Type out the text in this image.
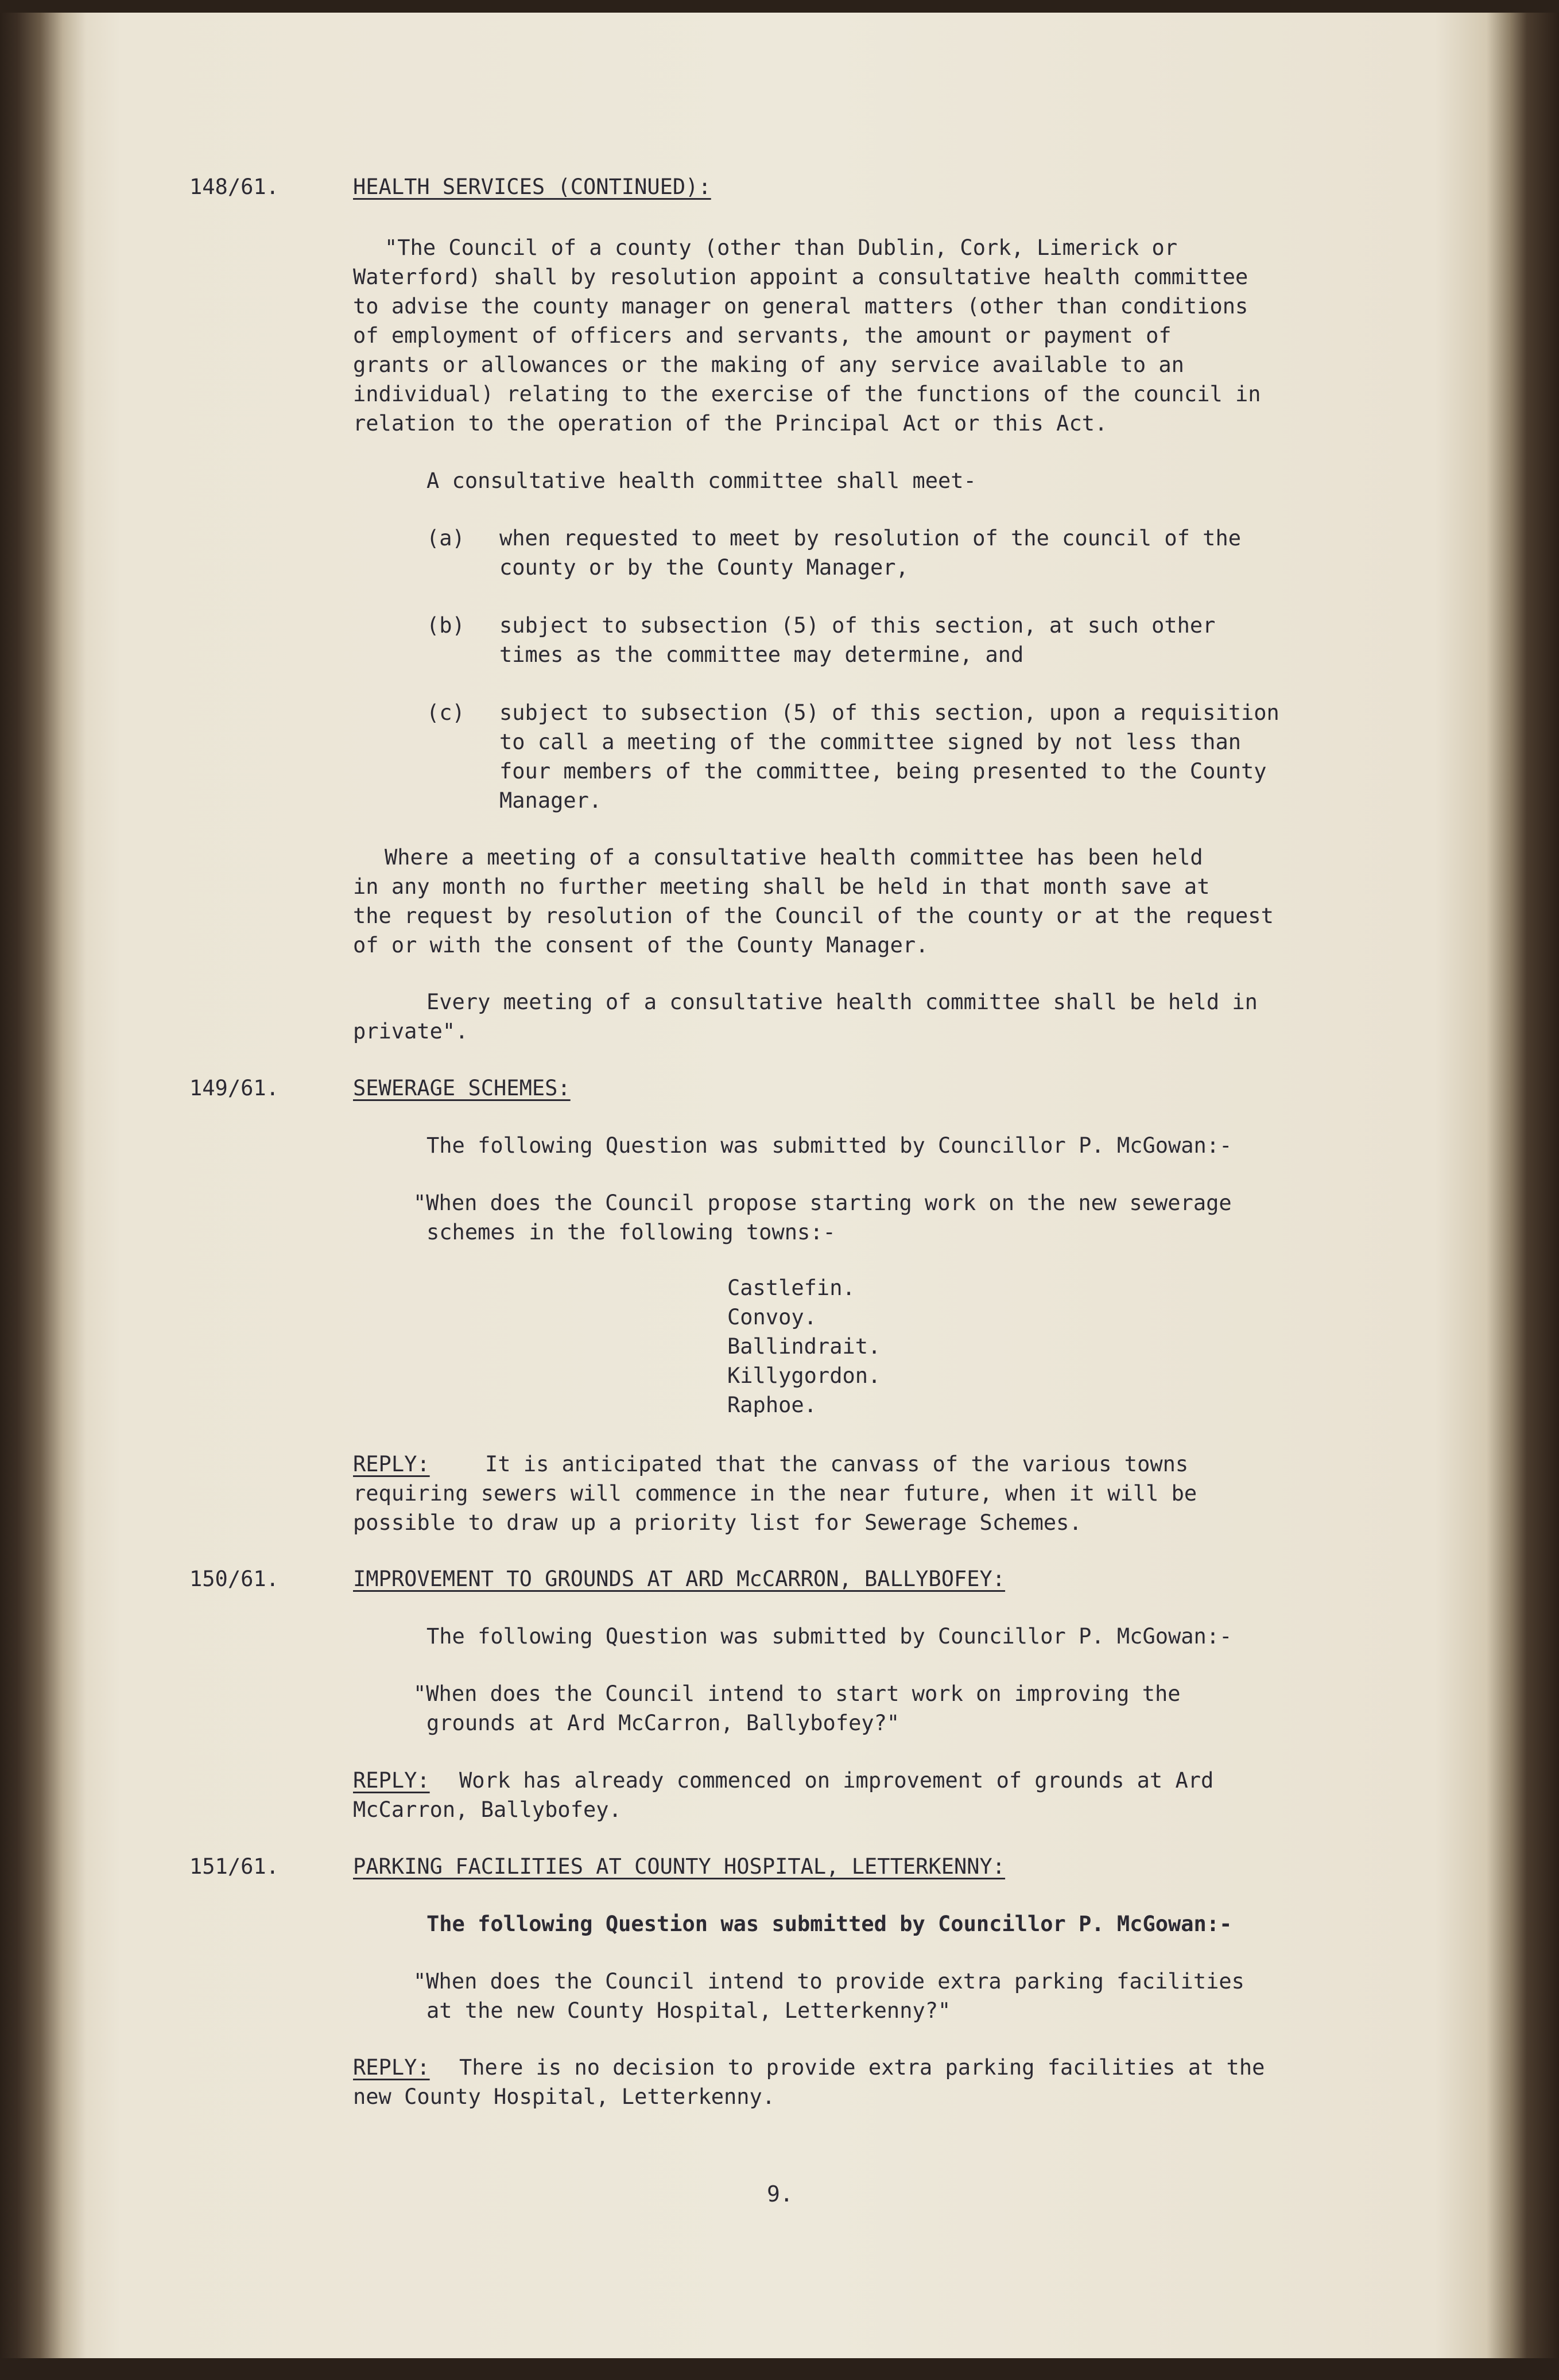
148/61.	HEALTH SERVICES (CONTINUED):
"The Council of a county (other than Dublin, Cork, Limerick or
Waterford) shall by resolution appoint a consultative health committee
to advise the county manager on general matters (other than conditions
of employment of officers and servants, the amount or payment of
grants or allowances or the making of any service available to an
individual) relating to the exercise of the functions of the council in
relation to the operation of the Principal Act or this Act.
A consultative health committee shall meet-
(a) when requested to meet by resolution of the council of the
county or by the County Manager,
(b) subject to subsection (5) of this section, at such other
times as the committee may determine, and
(c) subject to subsection (5) of this section, upon a requisition
to call a meeting of the committee signed by not less than
four members of the committee, being presented to the County
Manager.
Where a meeting of a consultative health committee has been held
in any month no further meeting shall be held in that month save at
the request by resolution of the Council of the county or at the request
of or with the consent of the County Manager.
Every meeting of a consultative health committee shall be held in
private".
149/61.	SEWERAGE SCHEMES:
The following Question was submitted by Councillor P. McGowan:-
"When does the Council propose starting work on the new sewerage
schemes in the following towns:-
Castlefin.
Convoy.
Ballindrait.
Killygordon.
Raphoe.
REPLY:	It is anticipated that the canvass of the various towns
requiring sewers will commence in the near future, when it will be
possible to draw up a priority list for Sewerage Schemes.
150/61.	IMPROVEMENT TO GROUNDS AT ARD McCARRON, BALLYBOFEY:
The following Question was submitted by Councillor P. McGowan:-
"When does the Council intend to start work on improving the
grounds at Ard McCarron, Ballybofey?"
REPLY: Work has already commenced on improvement of grounds at Ard
McCarron, Ballybofey.
151/61.	PARKING FACILITIES AT COUNTY HOSPITAL, LETTERKENNY:
The following Question was submitted by Councillor P. McGowan:-
"When does the Council intend to provide extra parking facilities
at the new County Hospital, Letterkenny?"
REPLY: There is no decision to provide extra parking facilities at the
new County Hospital, Letterkenny.
9.
